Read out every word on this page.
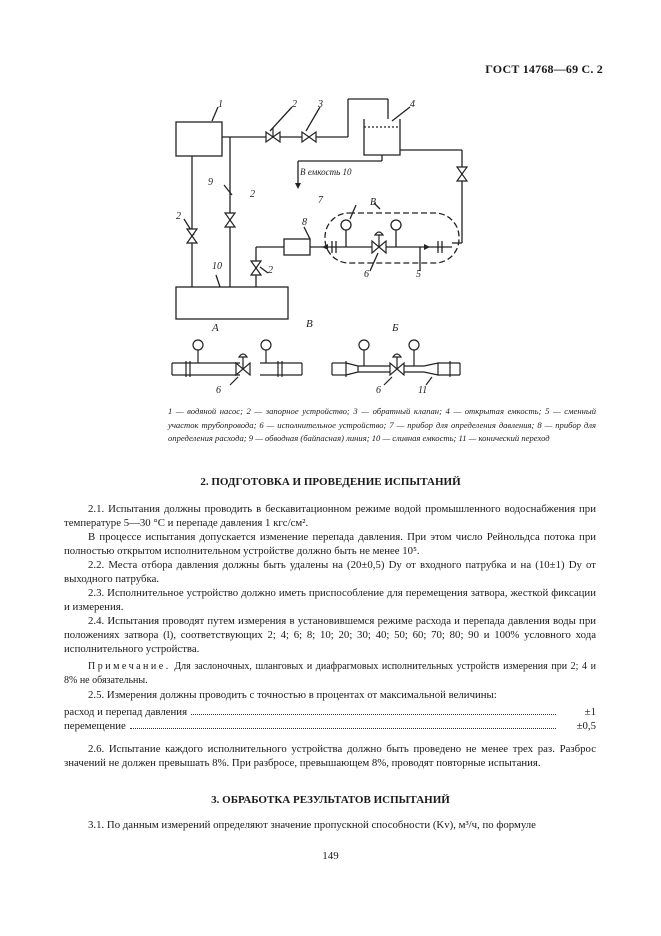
ГОСТ 14768—69 С. 2
1	2 3	4
9
В емкость 10
2
В
7
8
2
10	2	6	5
А	В	Б
6	6	11
1 — водяной насос; 2 — запорное устройство; 3 — обратный клапан; 4 — открытая емкость; 5 — сменный участок трубопровода; 6 — исполнительное устройство; 7 — прибор для определения давления; 8 — прибор для определения расхода; 9 — обводная (байпасная) линия; 10 — сливная емкость; 11 — конический переход
2. ПОДГОТОВКА И ПРОВЕДЕНИЕ ИСПЫТАНИЙ
2.1. Испытания должны проводить в бескавитационном режиме водой промышленного водоснабжения при температуре 5—30 °С и перепаде давления 1 кгс/см².
В процессе испытания допускается изменение перепада давления. При этом число Рейнольдса потока при полностью открытом исполнительном устройстве должно быть не менее 10⁵.
2.2. Места отбора давления должны быть удалены на (20±0,5) Dу от входного патрубка и на (10±1) Dу от выходного патрубка.
2.3. Исполнительное устройство должно иметь приспособление для перемещения затвора, жесткой фиксации и измерения.
2.4. Испытания проводят путем измерения в установившемся режиме расхода и перепада давления воды при положениях затвора (l), соответствующих 2; 4; 6; 8; 10; 20; 30; 40; 50; 60; 70; 80; 90 и 100% условного хода исполнительного устройства.
Примечание. Для заслоночных, шланговых и диафрагмовых исполнительных устройств измерения при 2; 4 и 8% не обязательны.
2.5. Измерения должны проводить с точностью в процентах от максимальной величины:
расход и перепад давления	±1
перемещение	±0,5
2.6. Испытание каждого исполнительного устройства должно быть проведено не менее трех раз. Разброс значений не должен превышать 8%. При разбросе, превышающем 8%, проводят повторные испытания.
3. ОБРАБОТКА РЕЗУЛЬТАТОВ ИСПЫТАНИЙ
3.1. По данным измерений определяют значение пропускной способности (Kv), м³/ч, по формуле
149
